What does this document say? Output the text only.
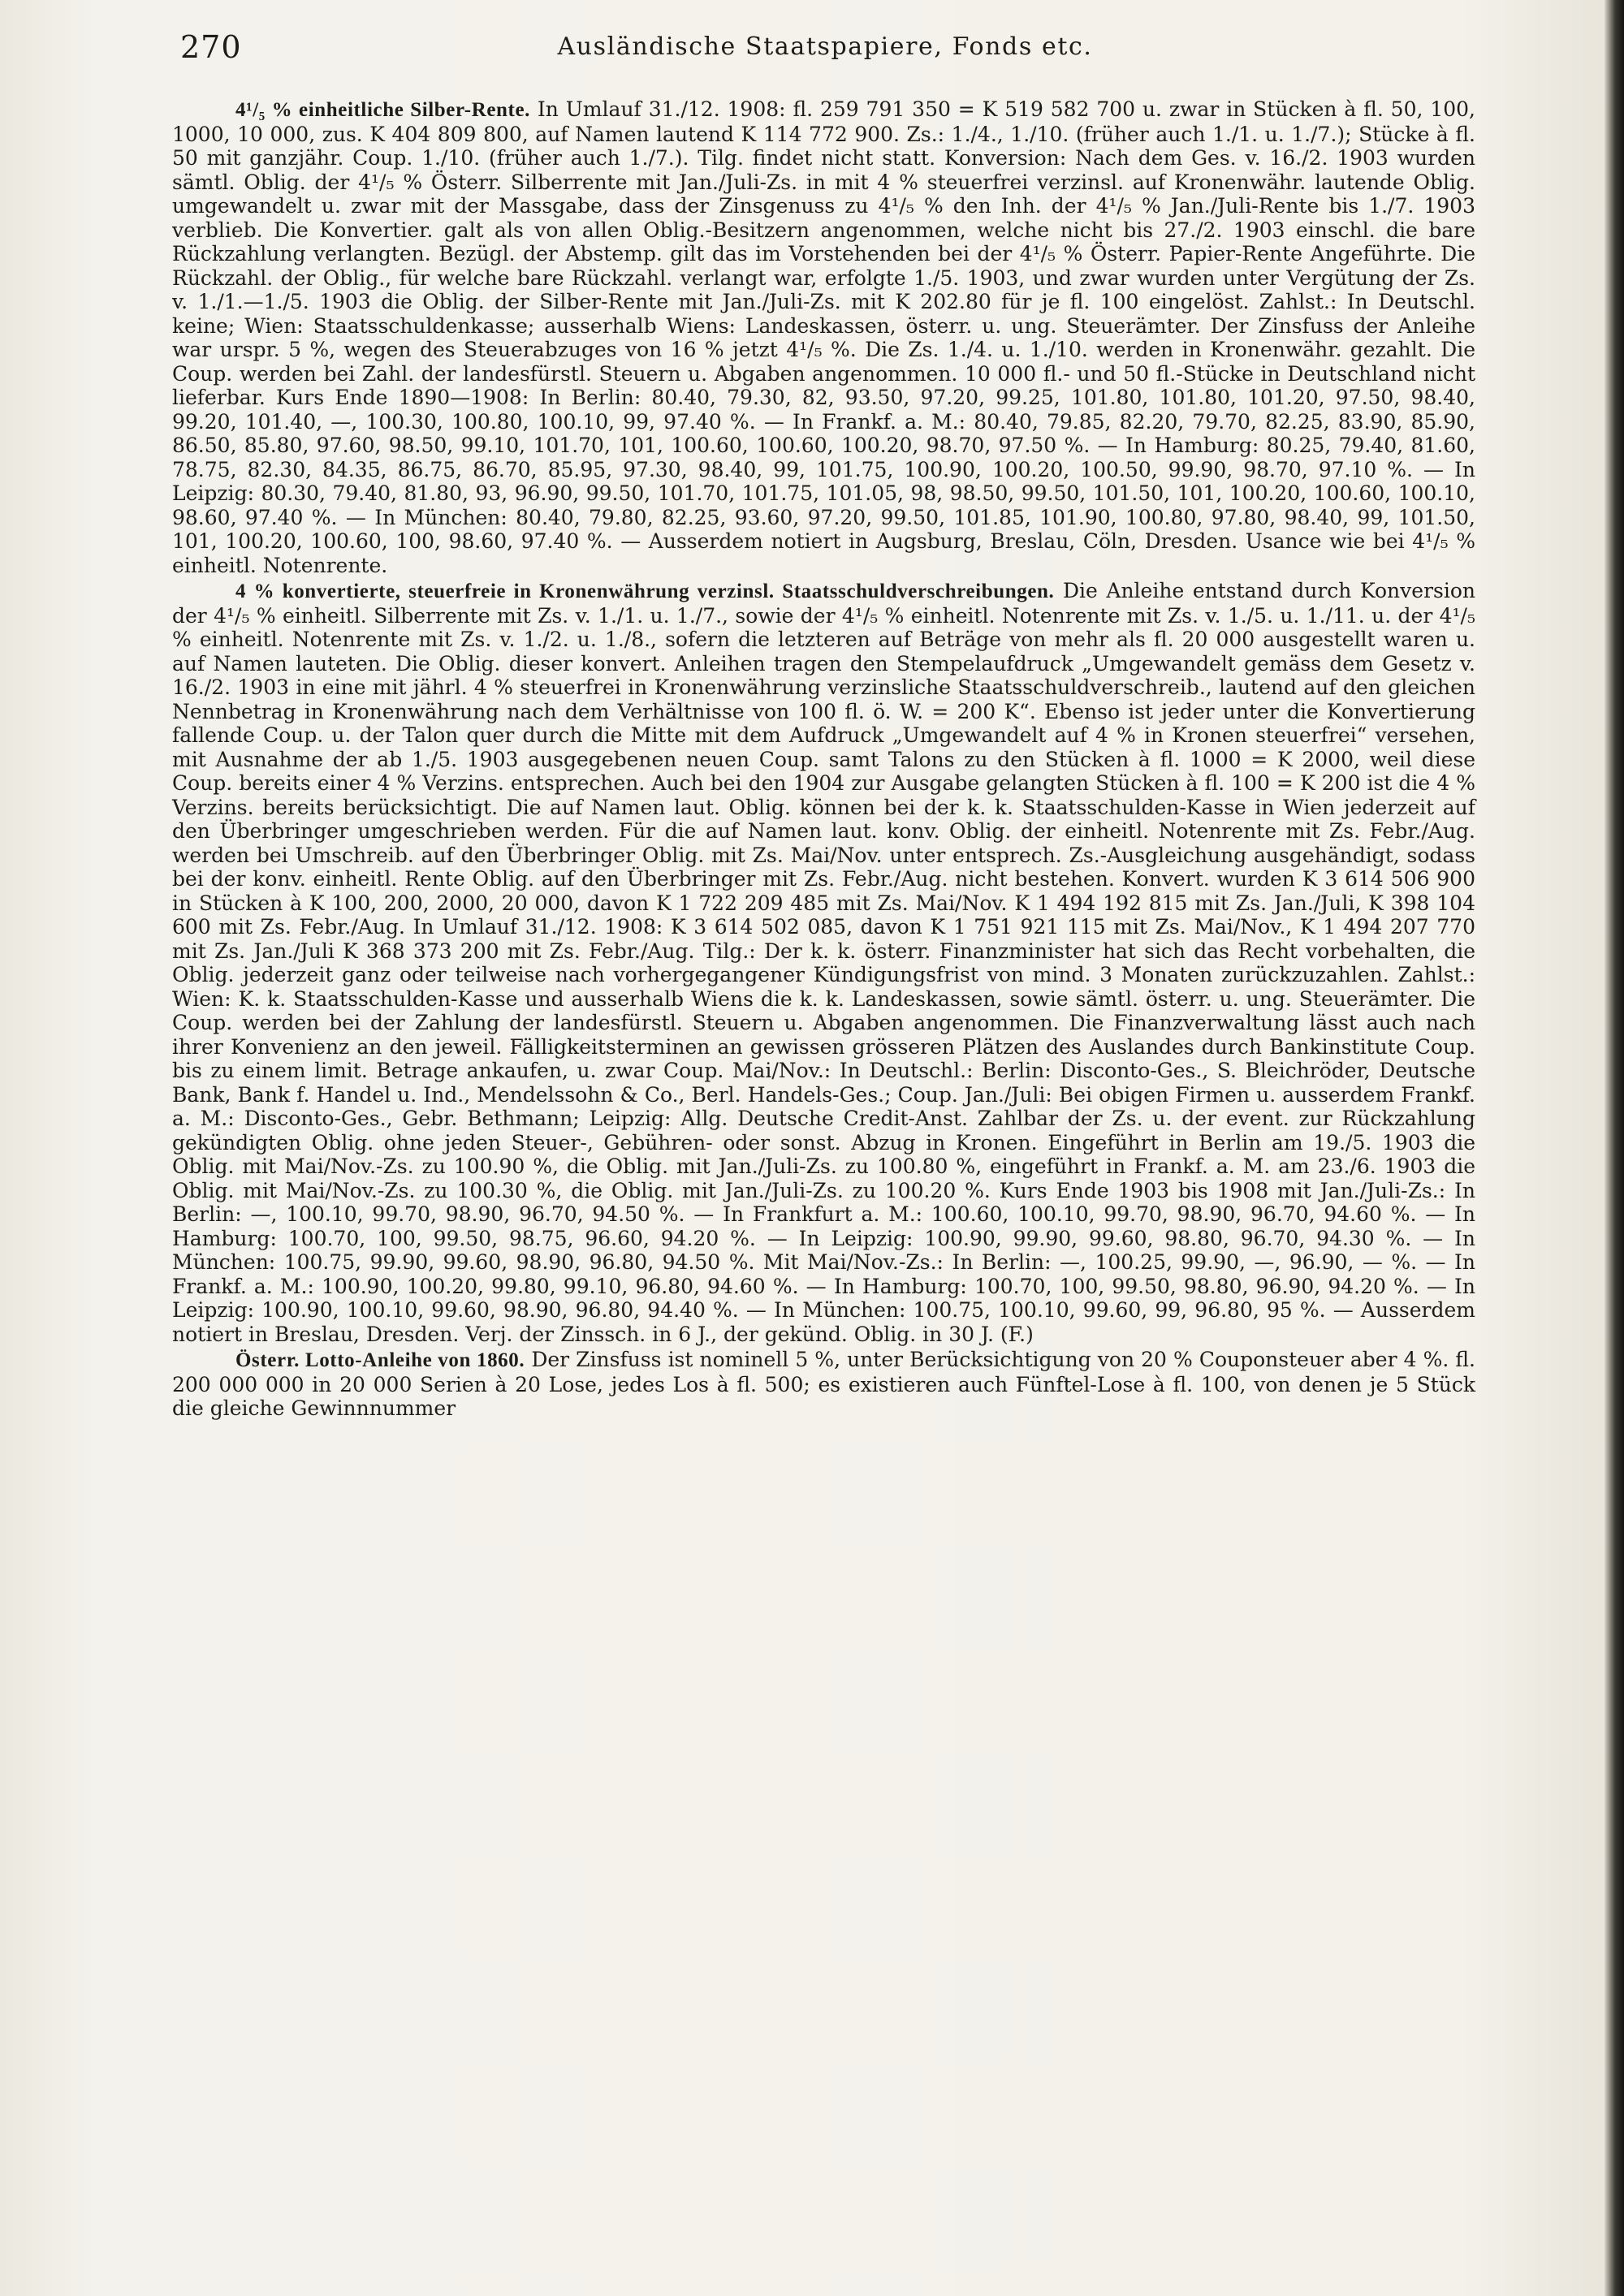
270	Ausländische Staatspapiere, Fonds etc.

4¹/₅ % einheitliche Silber-Rente. In Umlauf 31./12. 1908: fl. 259 791 350 = K 519 582 700 u. zwar in Stücken à fl. 50, 100, 1000, 10 000, zus. K 404 809 800, auf Namen lautend K 114 772 900. Zs.: 1./4., 1./10. (früher auch 1./1. u. 1./7.); Stücke à fl. 50 mit ganzjähr. Coup. 1./10. (früher auch 1./7.). Tilg. findet nicht statt. Konversion: Nach dem Ges. v. 16./2. 1903 wurden sämtl. Oblig. der 4¹/₅ % Österr. Silberrente mit Jan./Juli-Zs. in mit 4 % steuerfrei verzinsl. auf Kronenwähr. lautende Oblig. umgewandelt u. zwar mit der Massgabe, dass der Zinsgenuss zu 4¹/₅ % den Inh. der 4¹/₅ % Jan./Juli-Rente bis 1./7. 1903 verblieb. Die Konvertier. galt als von allen Oblig.-Besitzern angenommen, welche nicht bis 27./2. 1903 einschl. die bare Rückzahlung verlangten. Bezügl. der Abstemp. gilt das im Vorstehenden bei der 4¹/₅ % Österr. Papier-Rente Angeführte. Die Rückzahl. der Oblig., für welche bare Rückzahl. verlangt war, erfolgte 1./5. 1903, und zwar wurden unter Vergütung der Zs. v. 1./1.—1./5. 1903 die Oblig. der Silber-Rente mit Jan./Juli-Zs. mit K 202.80 für je fl. 100 eingelöst. Zahlst.: In Deutschl. keine; Wien: Staatsschuldenkasse; ausserhalb Wiens: Landeskassen, österr. u. ung. Steuerämter. Der Zinsfuss der Anleihe war urspr. 5 %, wegen des Steuerabzuges von 16 % jetzt 4¹/₅ %. Die Zs. 1./4. u. 1./10. werden in Kronenwähr. gezahlt. Die Coup. werden bei Zahl. der landesfürstl. Steuern u. Abgaben angenommen. 10 000 fl.- und 50 fl.-Stücke in Deutschland nicht lieferbar. Kurs Ende 1890—1908: In Berlin: 80.40, 79.30, 82, 93.50, 97.20, 99.25, 101.80, 101.80, 101.20, 97.50, 98.40, 99.20, 101.40, —, 100.30, 100.80, 100.10, 99, 97.40 %. — In Frankf. a. M.: 80.40, 79.85, 82.20, 79.70, 82.25, 83.90, 85.90, 86.50, 85.80, 97.60, 98.50, 99.10, 101.70, 101, 100.60, 100.60, 100.20, 98.70, 97.50 %. — In Hamburg: 80.25, 79.40, 81.60, 78.75, 82.30, 84.35, 86.75, 86.70, 85.95, 97.30, 98.40, 99, 101.75, 100.90, 100.20, 100.50, 99.90, 98.70, 97.10 %. — In Leipzig: 80.30, 79.40, 81.80, 93, 96.90, 99.50, 101.70, 101.75, 101.05, 98, 98.50, 99.50, 101.50, 101, 100.20, 100.60, 100.10, 98.60, 97.40 %. — In München: 80.40, 79.80, 82.25, 93.60, 97.20, 99.50, 101.85, 101.90, 100.80, 97.80, 98.40, 99, 101.50, 101, 100.20, 100.60, 100, 98.60, 97.40 %. — Ausserdem notiert in Augsburg, Breslau, Cöln, Dresden. Usance wie bei 4¹/₅ % einheitl. Notenrente.

4 % konvertierte, steuerfreie in Kronenwährung verzinsl. Staatsschuldverschreibungen. Die Anleihe entstand durch Konversion der 4¹/₅ % einheitl. Silberrente mit Zs. v. 1./1. u. 1./7., sowie der 4¹/₅ % einheitl. Notenrente mit Zs. v. 1./5. u. 1./11. u. der 4¹/₅ % einheitl. Notenrente mit Zs. v. 1./2. u. 1./8., sofern die letzteren auf Beträge von mehr als fl. 20 000 ausgestellt waren u. auf Namen lauteten. Die Oblig. dieser konvert. Anleihen tragen den Stempelaufdruck „Umgewandelt gemäss dem Gesetz v. 16./2. 1903 in eine mit jährl. 4 % steuerfrei in Kronenwährung verzinsliche Staatsschuldverschreib., lautend auf den gleichen Nennbetrag in Kronenwährung nach dem Verhältnisse von 100 fl. ö. W. = 200 K“. Ebenso ist jeder unter die Konvertierung fallende Coup. u. der Talon quer durch die Mitte mit dem Aufdruck „Umgewandelt auf 4 % in Kronen steuerfrei“ versehen, mit Ausnahme der ab 1./5. 1903 ausgegebenen neuen Coup. samt Talons zu den Stücken à fl. 1000 = K 2000, weil diese Coup. bereits einer 4 % Verzins. entsprechen. Auch bei den 1904 zur Ausgabe gelangten Stücken à fl. 100 = K 200 ist die 4 % Verzins. bereits berücksichtigt. Die auf Namen laut. Oblig. können bei der k. k. Staatsschulden-Kasse in Wien jederzeit auf den Überbringer umgeschrieben werden. Für die auf Namen laut. konv. Oblig. der einheitl. Notenrente mit Zs. Febr./Aug. werden bei Umschreib. auf den Überbringer Oblig. mit Zs. Mai/Nov. unter entsprech. Zs.-Ausgleichung ausgehändigt, sodass bei der konv. einheitl. Rente Oblig. auf den Überbringer mit Zs. Febr./Aug. nicht bestehen. Konvert. wurden K 3 614 506 900 in Stücken à K 100, 200, 2000, 20 000, davon K 1 722 209 485 mit Zs. Mai/Nov. K 1 494 192 815 mit Zs. Jan./Juli, K 398 104 600 mit Zs. Febr./Aug. In Umlauf 31./12. 1908: K 3 614 502 085, davon K 1 751 921 115 mit Zs. Mai/Nov., K 1 494 207 770 mit Zs. Jan./Juli K 368 373 200 mit Zs. Febr./Aug. Tilg.: Der k. k. österr. Finanzminister hat sich das Recht vorbehalten, die Oblig. jederzeit ganz oder teilweise nach vorhergegangener Kündigungsfrist von mind. 3 Monaten zurückzuzahlen. Zahlst.: Wien: K. k. Staatsschulden-Kasse und ausserhalb Wiens die k. k. Landeskassen, sowie sämtl. österr. u. ung. Steuerämter. Die Coup. werden bei der Zahlung der landesfürstl. Steuern u. Abgaben angenommen. Die Finanzverwaltung lässt auch nach ihrer Konvenienz an den jeweil. Fälligkeitsterminen an gewissen grösseren Plätzen des Auslandes durch Bankinstitute Coup. bis zu einem limit. Betrage ankaufen, u. zwar Coup. Mai/Nov.: In Deutschl.: Berlin: Disconto-Ges., S. Bleichröder, Deutsche Bank, Bank f. Handel u. Ind., Mendelssohn & Co., Berl. Handels-Ges.; Coup. Jan./Juli: Bei obigen Firmen u. ausserdem Frankf. a. M.: Disconto-Ges., Gebr. Bethmann; Leipzig: Allg. Deutsche Credit-Anst. Zahlbar der Zs. u. der event. zur Rückzahlung gekündigten Oblig. ohne jeden Steuer-, Gebühren- oder sonst. Abzug in Kronen. Eingeführt in Berlin am 19./5. 1903 die Oblig. mit Mai/Nov.-Zs. zu 100.90 %, die Oblig. mit Jan./Juli-Zs. zu 100.80 %, eingeführt in Frankf. a. M. am 23./6. 1903 die Oblig. mit Mai/Nov.-Zs. zu 100.30 %, die Oblig. mit Jan./Juli-Zs. zu 100.20 %. Kurs Ende 1903 bis 1908 mit Jan./Juli-Zs.: In Berlin: —, 100.10, 99.70, 98.90, 96.70, 94.50 %. — In Frankfurt a. M.: 100.60, 100.10, 99.70, 98.90, 96.70, 94.60 %. — In Hamburg: 100.70, 100, 99.50, 98.75, 96.60, 94.20 %. — In Leipzig: 100.90, 99.90, 99.60, 98.80, 96.70, 94.30 %. — In München: 100.75, 99.90, 99.60, 98.90, 96.80, 94.50 %. Mit Mai/Nov.-Zs.: In Berlin: —, 100.25, 99.90, —, 96.90, — %. — In Frankf. a. M.: 100.90, 100.20, 99.80, 99.10, 96.80, 94.60 %. — In Hamburg: 100.70, 100, 99.50, 98.80, 96.90, 94.20 %. — In Leipzig: 100.90, 100.10, 99.60, 98.90, 96.80, 94.40 %. — In München: 100.75, 100.10, 99.60, 99, 96.80, 95 %. — Ausserdem notiert in Breslau, Dresden. Verj. der Zinssch. in 6 J., der gekünd. Oblig. in 30 J. (F.)

Österr. Lotto-Anleihe von 1860. Der Zinsfuss ist nominell 5 %, unter Berücksichtigung von 20 % Couponsteuer aber 4 %. fl. 200 000 000 in 20 000 Serien à 20 Lose, jedes Los à fl. 500; es existieren auch Fünftel-Lose à fl. 100, von denen je 5 Stück die gleiche Gewinnnummer
